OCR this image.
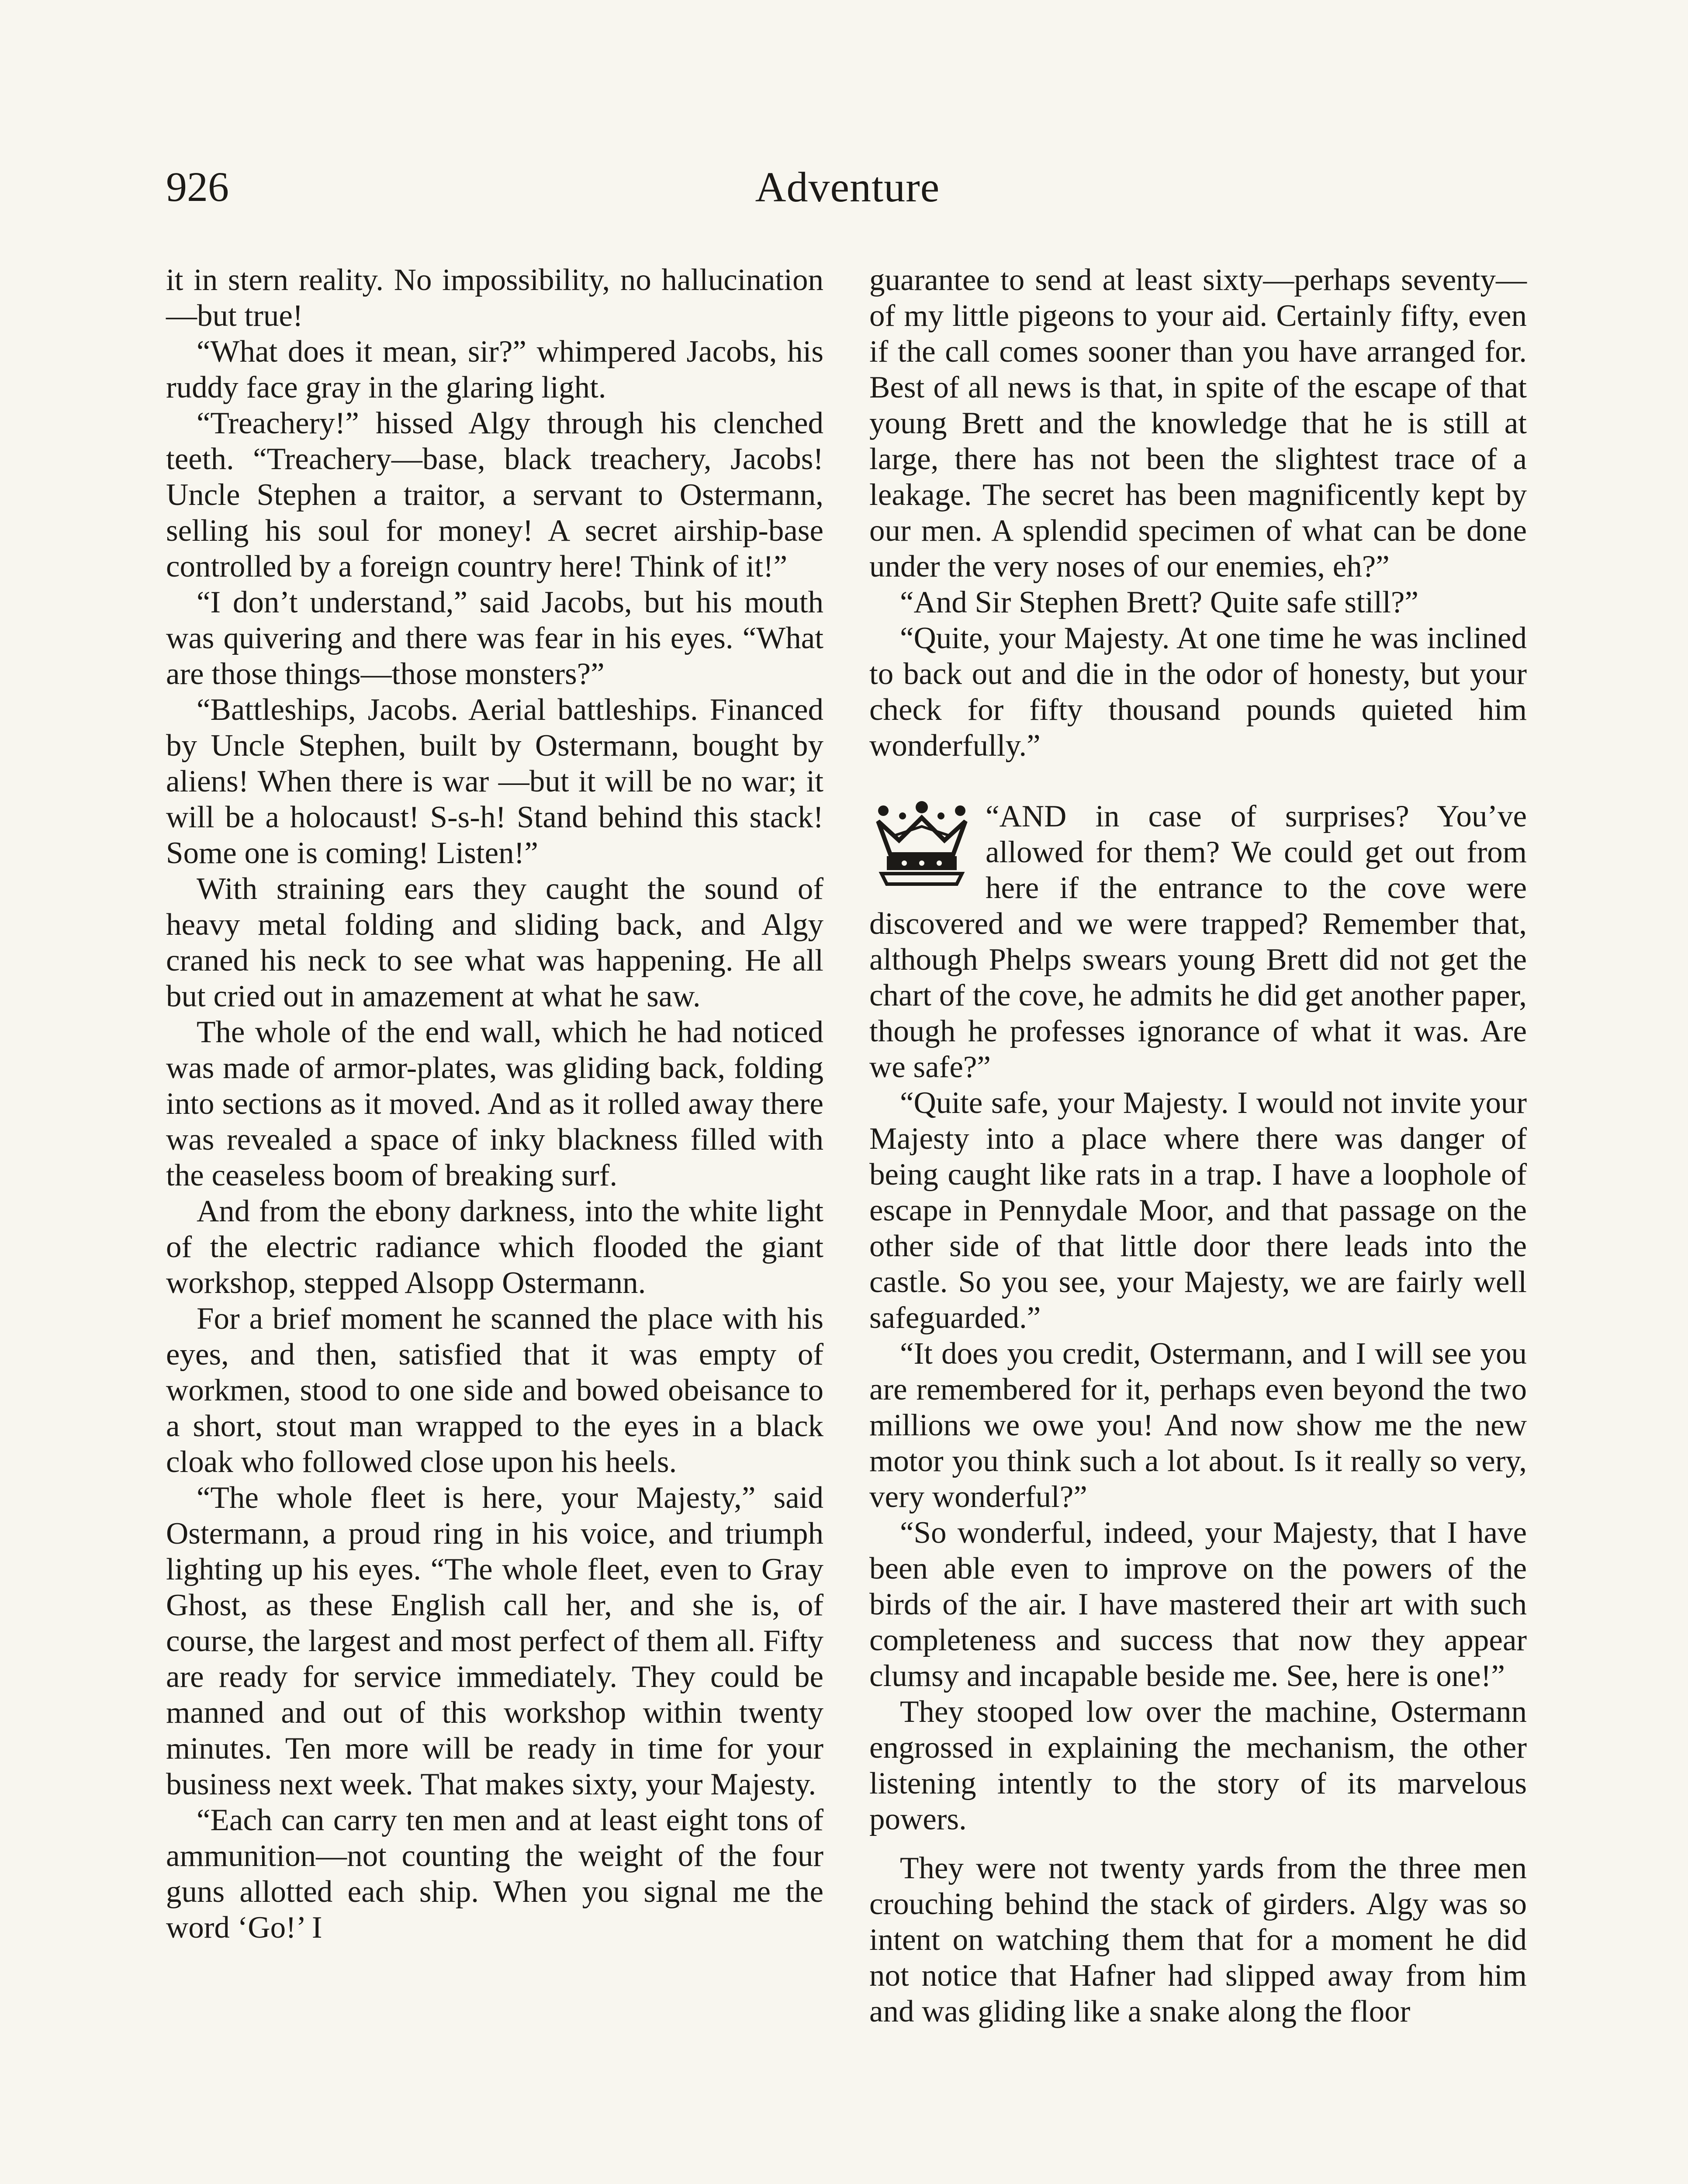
926	Adventure

it in stern reality. No impossibility, no hallucination—but true!

“What does it mean, sir?” whimpered Jacobs, his ruddy face gray in the glaring light.

“Treachery!” hissed Algy through his clenched teeth. “Treachery—base, black treachery, Jacobs! Uncle Stephen a traitor, a servant to Ostermann, selling his soul for money! A secret airship-base controlled by a foreign country here! Think of it!”

“I don’t understand,” said Jacobs, but his mouth was quivering and there was fear in his eyes. “What are those things—those monsters?”

“Battleships, Jacobs. Aerial battleships. Financed by Uncle Stephen, built by Ostermann, bought by aliens! When there is war —but it will be no war; it will be a holocaust! S-s-h! Stand behind this stack! Some one is coming! Listen!”

With straining ears they caught the sound of heavy metal folding and sliding back, and Algy craned his neck to see what was happening. He all but cried out in amazement at what he saw.

The whole of the end wall, which he had noticed was made of armor-plates, was gliding back, folding into sections as it moved. And as it rolled away there was revealed a space of inky blackness filled with the ceaseless boom of breaking surf.

And from the ebony darkness, into the white light of the electric radiance which flooded the giant workshop, stepped Alsopp Ostermann.

For a brief moment he scanned the place with his eyes, and then, satisfied that it was empty of workmen, stood to one side and bowed obeisance to a short, stout man wrapped to the eyes in a black cloak who followed close upon his heels.

“The whole fleet is here, your Majesty,” said Ostermann, a proud ring in his voice, and triumph lighting up his eyes. “The whole fleet, even to Gray Ghost, as these English call her, and she is, of course, the largest and most perfect of them all. Fifty are ready for service immediately. They could be manned and out of this workshop within twenty minutes. Ten more will be ready in time for your business next week. That makes sixty, your Majesty.

“Each can carry ten men and at least eight tons of ammunition—not counting the weight of the four guns allotted each ship. When you signal me the word ‘Go!’ I

guarantee to send at least sixty—perhaps seventy—of my little pigeons to your aid. Certainly fifty, even if the call comes sooner than you have arranged for. Best of all news is that, in spite of the escape of that young Brett and the knowledge that he is still at large, there has not been the slightest trace of a leakage. The secret has been magnificently kept by our men. A splendid specimen of what can be done under the very noses of our enemies, eh?”

“And Sir Stephen Brett? Quite safe still?”

“Quite, your Majesty. At one time he was inclined to back out and die in the odor of honesty, but your check for fifty thousand pounds quieted him wonderfully.”

“AND in case of surprises? You’ve allowed for them? We could get out from here if the entrance to the cove were discovered and we were trapped? Remember that, although Phelps swears young Brett did not get the chart of the cove, he admits he did get another paper, though he professes ignorance of what it was. Are we safe?”

“Quite safe, your Majesty. I would not invite your Majesty into a place where there was danger of being caught like rats in a trap. I have a loophole of escape in Pennydale Moor, and that passage on the other side of that little door there leads into the castle. So you see, your Majesty, we are fairly well safeguarded.”

“It does you credit, Ostermann, and I will see you are remembered for it, perhaps even beyond the two millions we owe you! And now show me the new motor you think such a lot about. Is it really so very, very wonderful?”

“So wonderful, indeed, your Majesty, that I have been able even to improve on the powers of the birds of the air. I have mastered their art with such completeness and success that now they appear clumsy and incapable beside me. See, here is one!”

They stooped low over the machine, Ostermann engrossed in explaining the mechanism, the other listening intently to the story of its marvelous powers.

They were not twenty yards from the three men crouching behind the stack of girders. Algy was so intent on watching them that for a moment he did not notice that Hafner had slipped away from him and was gliding like a snake along the floor
